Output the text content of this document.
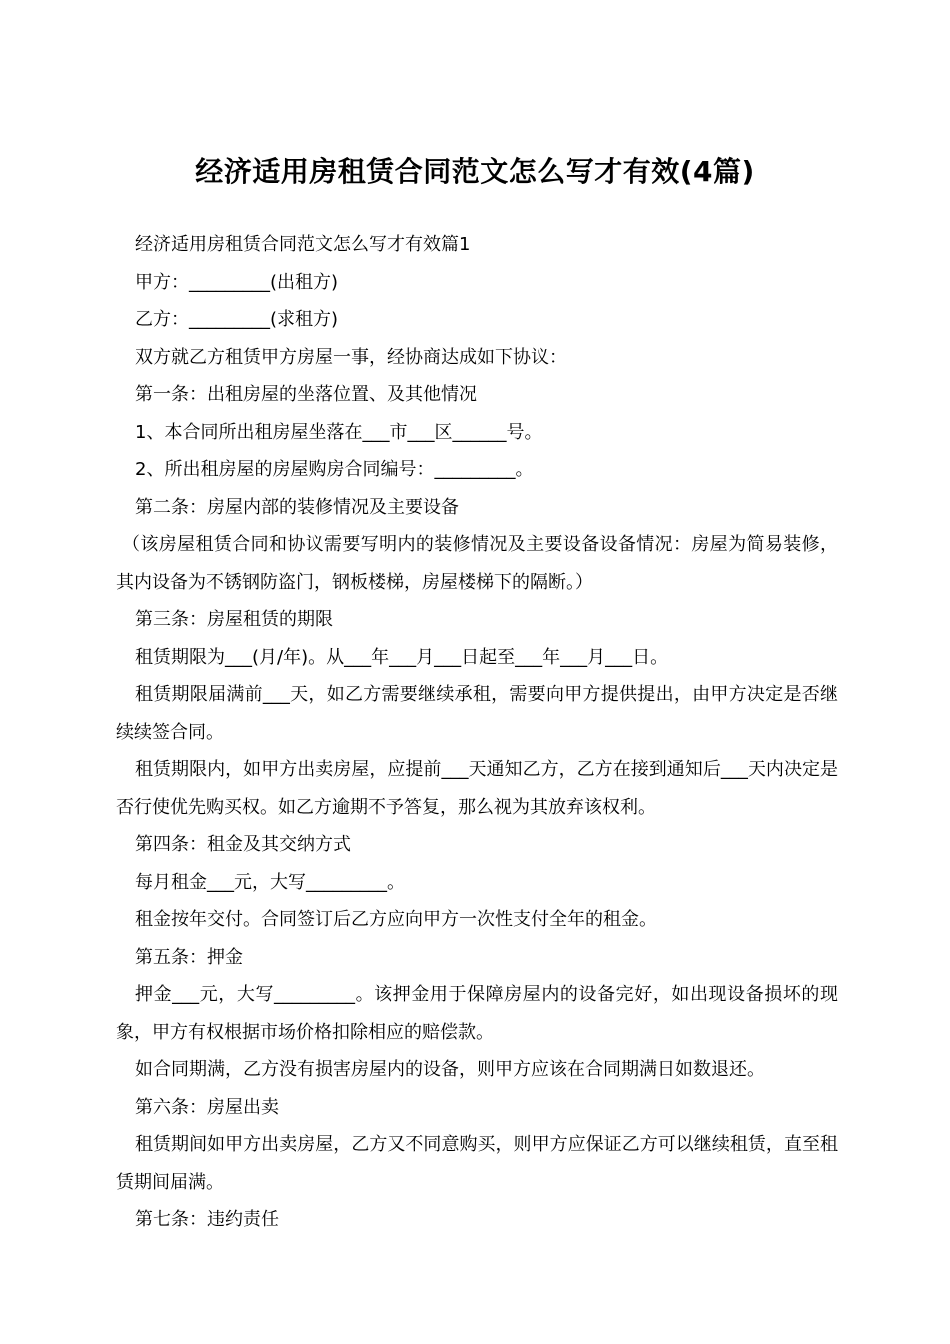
经济适用房租赁合同范文怎么写才有效(4篇)

经济适用房租赁合同范文怎么写才有效篇1

甲方：_________(出租方)

乙方：_________(求租方)

双方就乙方租赁甲方房屋一事，经协商达成如下协议：

第一条：出租房屋的坐落位置、及其他情况

1、本合同所出租房屋坐落在___市___区______号。

2、所出租房屋的房屋购房合同编号：_________。

第二条：房屋内部的装修情况及主要设备

（该房屋租赁合同和协议需要写明内的装修情况及主要设备设备情况：房屋为简易装修，其内设备为不锈钢防盗门，钢板楼梯，房屋楼梯下的隔断。）

第三条：房屋租赁的期限

租赁期限为___(月/年)。从___年___月___日起至___年___月___日。

租赁期限届满前___天，如乙方需要继续承租，需要向甲方提供提出，由甲方决定是否继续续签合同。

租赁期限内，如甲方出卖房屋，应提前___天通知乙方，乙方在接到通知后___天内决定是否行使优先购买权。如乙方逾期不予答复，那么视为其放弃该权利。

第四条：租金及其交纳方式

每月租金___元，大写_________。

租金按年交付。合同签订后乙方应向甲方一次性支付全年的租金。

第五条：押金

押金___元，大写_________。该押金用于保障房屋内的设备完好，如出现设备损坏的现象，甲方有权根据市场价格扣除相应的赔偿款。

如合同期满，乙方没有损害房屋内的设备，则甲方应该在合同期满日如数退还。

第六条：房屋出卖

租赁期间如甲方出卖房屋，乙方又不同意购买，则甲方应保证乙方可以继续租赁，直至租赁期间届满。

第七条：违约责任
